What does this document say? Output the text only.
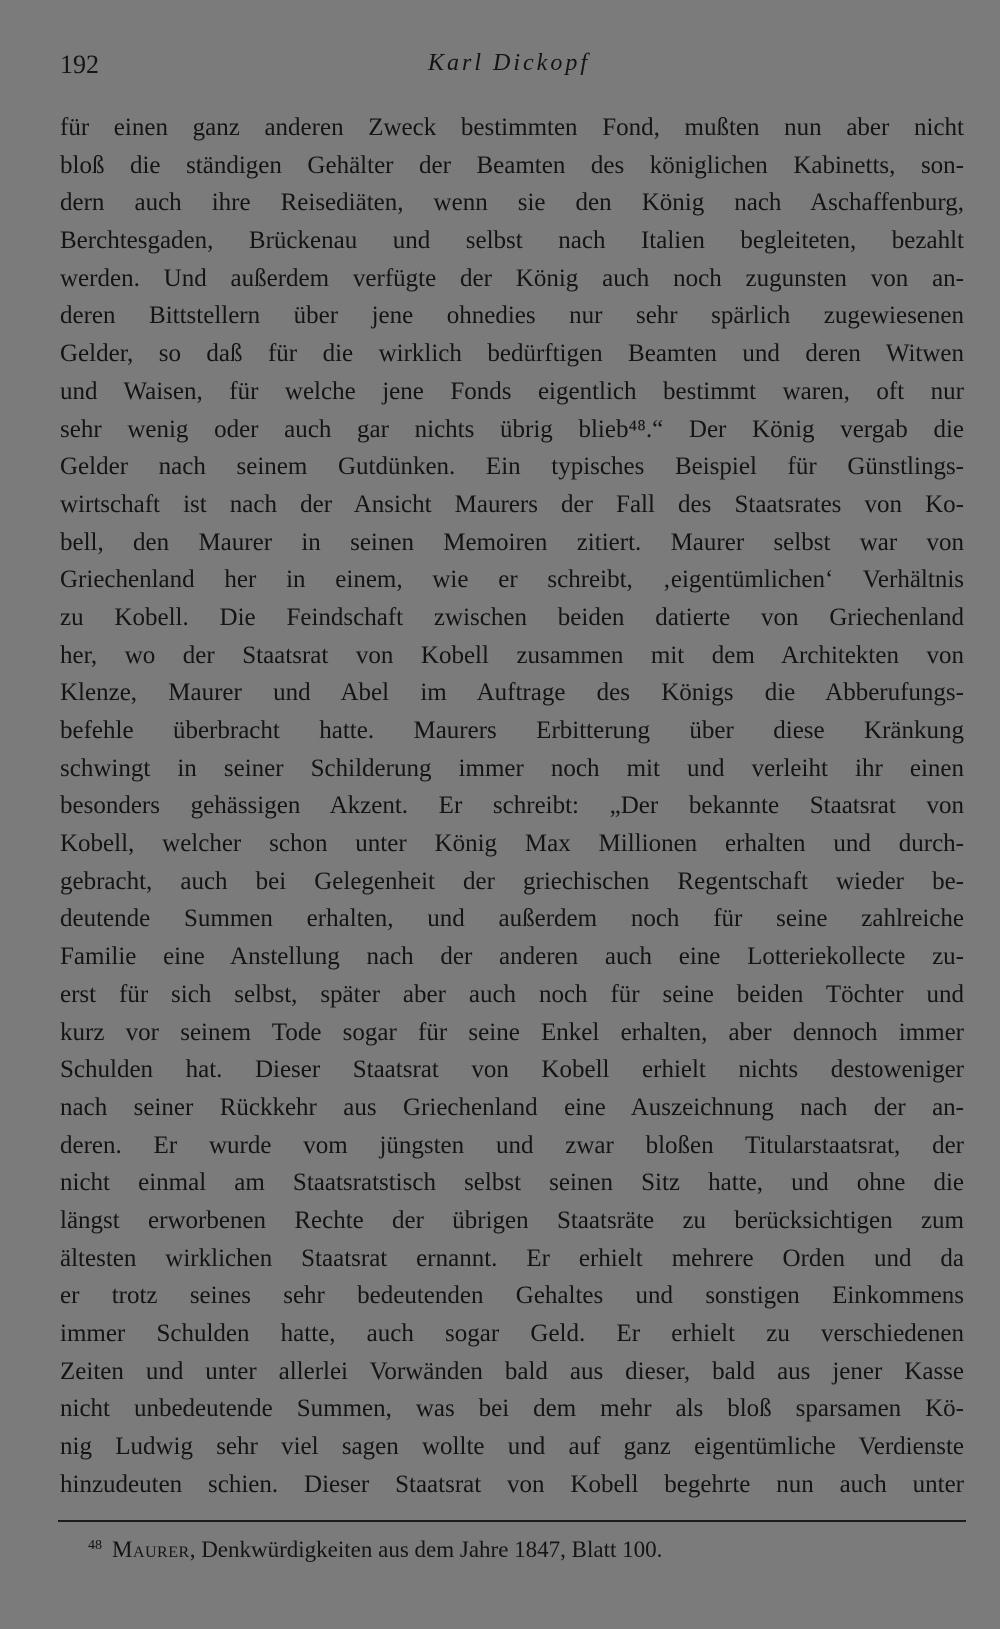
192	Karl Dickopf
für einen ganz anderen Zweck bestimmten Fond, mußten nun aber nicht
bloß die ständigen Gehälter der Beamten des königlichen Kabinetts, son-
dern auch ihre Reisediäten, wenn sie den König nach Aschaffenburg,
Berchtesgaden, Brückenau und selbst nach Italien begleiteten, bezahlt
werden. Und außerdem verfügte der König auch noch zugunsten von an-
deren Bittstellern über jene ohnedies nur sehr spärlich zugewiesenen
Gelder, so daß für die wirklich bedürftigen Beamten und deren Witwen
und Waisen, für welche jene Fonds eigentlich bestimmt waren, oft nur
sehr wenig oder auch gar nichts übrig blieb⁴⁸.“ Der König vergab die
Gelder nach seinem Gutdünken. Ein typisches Beispiel für Günstlings-
wirtschaft ist nach der Ansicht Maurers der Fall des Staatsrates von Ko-
bell, den Maurer in seinen Memoiren zitiert. Maurer selbst war von
Griechenland her in einem, wie er schreibt, ‚eigentümlichen‘ Verhältnis
zu Kobell. Die Feindschaft zwischen beiden datierte von Griechenland
her, wo der Staatsrat von Kobell zusammen mit dem Architekten von
Klenze, Maurer und Abel im Auftrage des Königs die Abberufungs-
befehle überbracht hatte. Maurers Erbitterung über diese Kränkung
schwingt in seiner Schilderung immer noch mit und verleiht ihr einen
besonders gehässigen Akzent. Er schreibt: „Der bekannte Staatsrat von
Kobell, welcher schon unter König Max Millionen erhalten und durch-
gebracht, auch bei Gelegenheit der griechischen Regentschaft wieder be-
deutende Summen erhalten, und außerdem noch für seine zahlreiche
Familie eine Anstellung nach der anderen auch eine Lotteriekollecte zu-
erst für sich selbst, später aber auch noch für seine beiden Töchter und
kurz vor seinem Tode sogar für seine Enkel erhalten, aber dennoch immer
Schulden hat. Dieser Staatsrat von Kobell erhielt nichts destoweniger
nach seiner Rückkehr aus Griechenland eine Auszeichnung nach der an-
deren. Er wurde vom jüngsten und zwar bloßen Titularstaatsrat, der
nicht einmal am Staatsratstisch selbst seinen Sitz hatte, und ohne die
längst erworbenen Rechte der übrigen Staatsräte zu berücksichtigen zum
ältesten wirklichen Staatsrat ernannt. Er erhielt mehrere Orden und da
er trotz seines sehr bedeutenden Gehaltes und sonstigen Einkommens
immer Schulden hatte, auch sogar Geld. Er erhielt zu verschiedenen
Zeiten und unter allerlei Vorwänden bald aus dieser, bald aus jener Kasse
nicht unbedeutende Summen, was bei dem mehr als bloß sparsamen Kö-
nig Ludwig sehr viel sagen wollte und auf ganz eigentümliche Verdienste
hinzudeuten schien. Dieser Staatsrat von Kobell begehrte nun auch unter
$^{48}$ Maurer, Denkwürdigkeiten aus dem Jahre 1847, Blatt 100.
